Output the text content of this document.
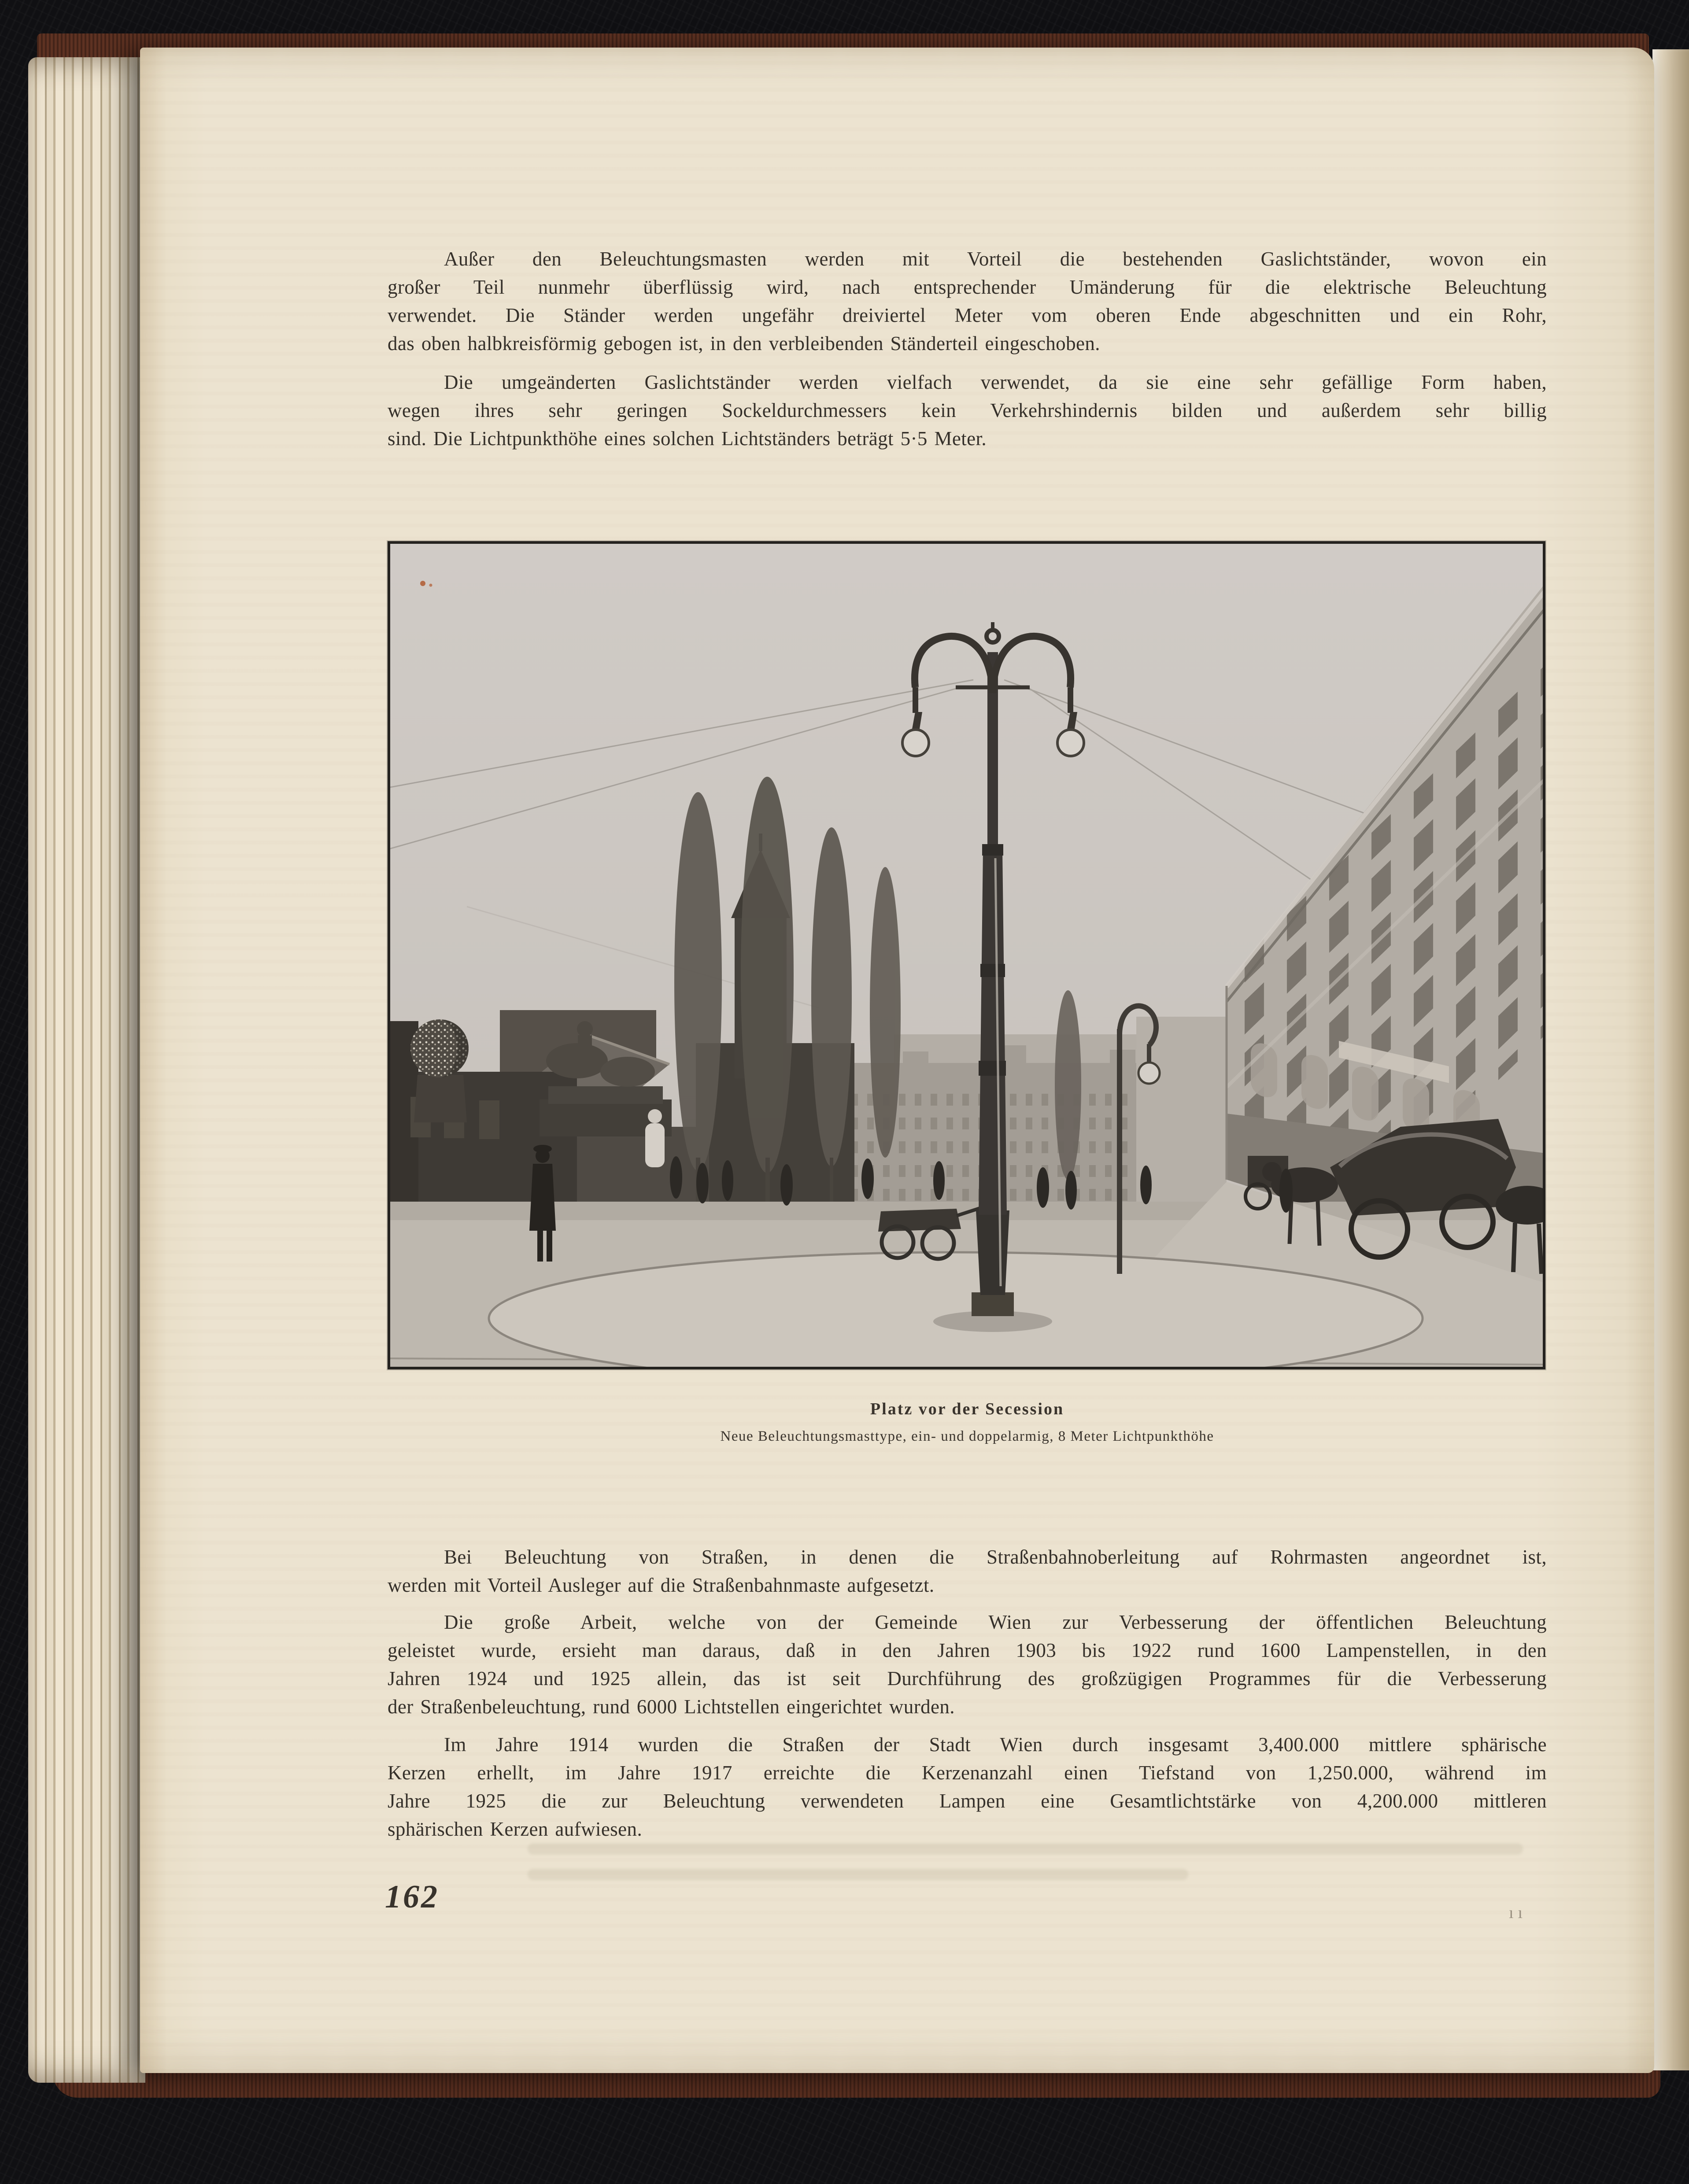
Außer den Beleuchtungsmasten werden mit Vorteil die bestehenden Gaslichtständer, wovon ein
großer Teil nunmehr überflüssig wird, nach entsprechender Umänderung für die elektrische Beleuchtung
verwendet. Die Ständer werden ungefähr dreiviertel Meter vom oberen Ende abgeschnitten und ein Rohr,
das oben halbkreisförmig gebogen ist, in den verbleibenden Ständerteil eingeschoben.
Die umgeänderten Gaslichtständer werden vielfach verwendet, da sie eine sehr gefällige Form haben,
wegen ihres sehr geringen Sockeldurchmessers kein Verkehrshindernis bilden und außerdem sehr billig
sind. Die Lichtpunkthöhe eines solchen Lichtständers beträgt 5·5 Meter.
Platz vor der Secession
Neue Beleuchtungsmasttype, ein- und doppelarmig, 8 Meter Lichtpunkthöhe
Bei Beleuchtung von Straßen, in denen die Straßenbahnoberleitung auf Rohrmasten angeordnet ist,
werden mit Vorteil Ausleger auf die Straßenbahnmaste aufgesetzt.
Die große Arbeit, welche von der Gemeinde Wien zur Verbesserung der öffentlichen Beleuchtung
geleistet wurde, ersieht man daraus, daß in den Jahren 1903 bis 1922 rund 1600 Lampenstellen, in den
Jahren 1924 und 1925 allein, das ist seit Durchführung des großzügigen Programmes für die Verbesserung
der Straßenbeleuchtung, rund 6000 Lichtstellen eingerichtet wurden.
Im Jahre 1914 wurden die Straßen der Stadt Wien durch insgesamt 3,400.000 mittlere sphärische
Kerzen erhellt, im Jahre 1917 erreichte die Kerzenanzahl einen Tiefstand von 1,250.000, während im
Jahre 1925 die zur Beleuchtung verwendeten Lampen eine Gesamtlichtstärke von 4,200.000 mittleren
sphärischen Kerzen aufwiesen.
162	ıı
